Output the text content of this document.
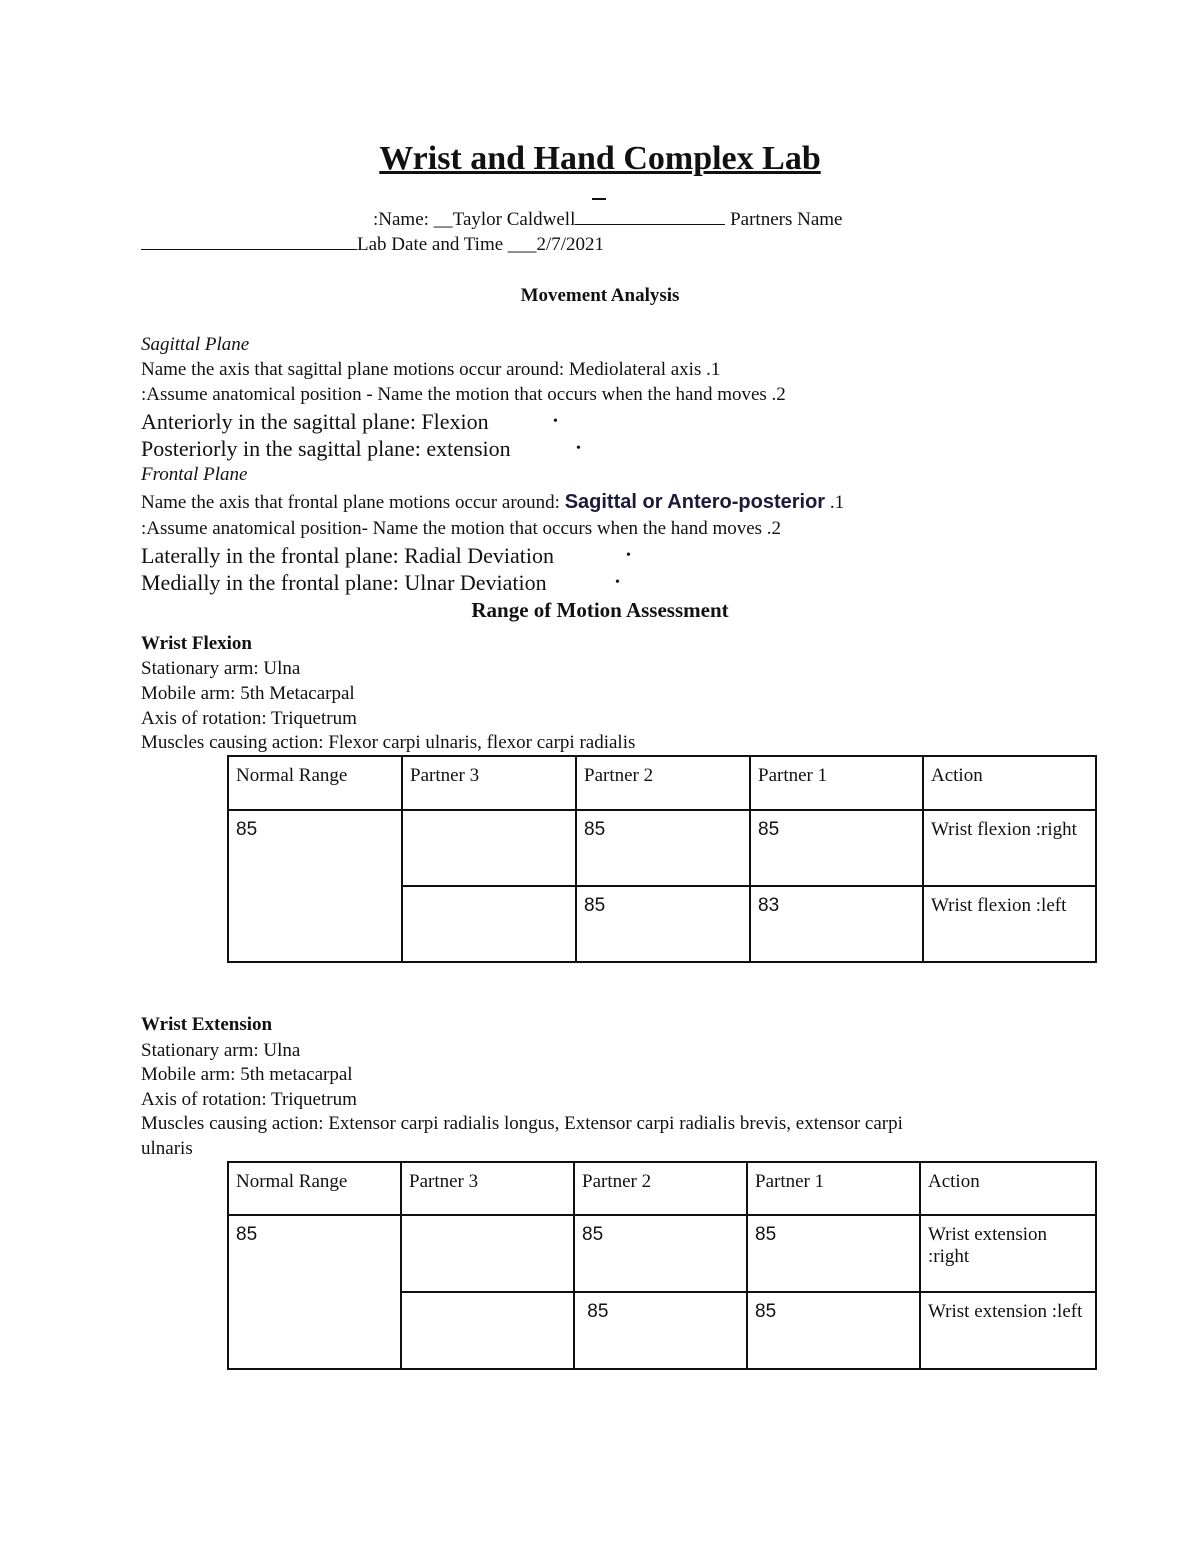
Wrist and Hand Complex Lab
:Name: __Taylor Caldwell	Partners Name
Lab Date and Time ___2/7/2021
Movement Analysis
Sagittal Plane
Name the axis that sagittal plane motions occur around: Mediolateral axis .1
:Assume anatomical position - Name the motion that occurs when the hand moves .2
Anteriorly in the sagittal plane: Flexion	•
Posteriorly in the sagittal plane: extension	•
Frontal Plane
Name the axis that frontal plane motions occur around: Sagittal or Antero-posterior .1
:Assume anatomical position- Name the motion that occurs when the hand moves .2
Laterally in the frontal plane: Radial Deviation	•
Medially in the frontal plane: Ulnar Deviation	•
Range of Motion Assessment
Wrist Flexion
Stationary arm: Ulna
Mobile arm: 5th Metacarpal
Axis of rotation: Triquetrum
Muscles causing action: Flexor carpi ulnaris, flexor carpi radialis
Normal Range	Partner 3	Partner 2	Partner 1	Action
85		85	85	Wrist flexion :right
		85	83	Wrist flexion :left
Wrist Extension
Stationary arm: Ulna
Mobile arm: 5th metacarpal
Axis of rotation: Triquetrum
Muscles causing action: Extensor carpi radialis longus, Extensor carpi radialis brevis, extensor carpi
ulnaris
Normal Range	Partner 3	Partner 2	Partner 1	Action
85		85	85	Wrist extension :right
		85	85	Wrist extension :left
